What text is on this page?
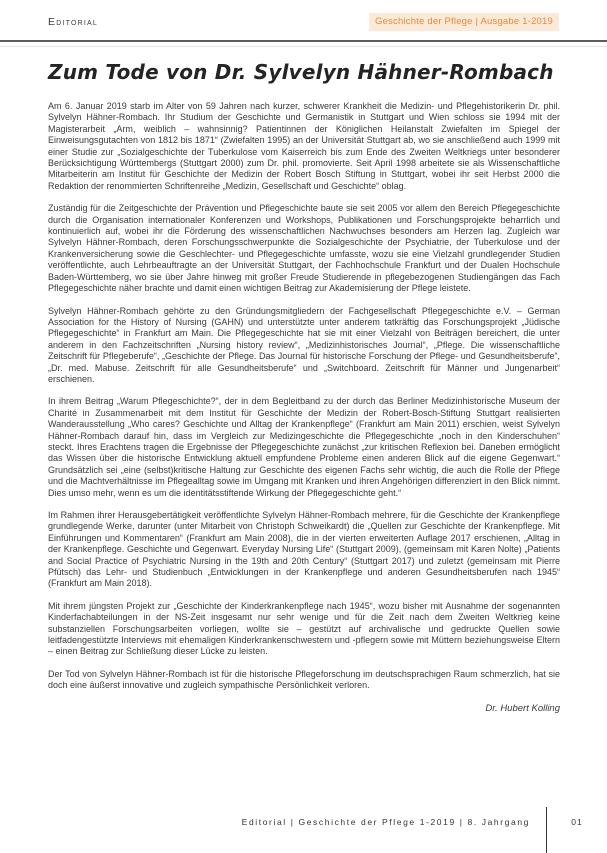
Editorial	Geschichte der Pflege | Ausgabe 1-2019
Zum Tode von Dr. Sylvelyn Hähner-Rombach

Am 6. Januar 2019 starb im Alter von 59 Jahren nach kurzer, schwerer Krankheit die Medizin- und Pflegehistorikerin Dr. phil. Sylvelyn Hähner-Rombach. Ihr Studium der Geschichte und Germanistik in Stuttgart und Wien schloss sie 1994 mit der Magisterarbeit „Arm, weiblich – wahnsinnig? Patientinnen der Königlichen Heilanstalt Zwiefalten im Spiegel der Einweisungsgutachten von 1812 bis 1871“ (Zwiefalten 1995) an der Universität Stuttgart ab, wo sie anschließend auch 1999 mit einer Studie zur „Sozialgeschichte der Tuberkulose vom Kaiserreich bis zum Ende des Zweiten Weltkriegs unter besonderer Berücksichtigung Württembergs (Stuttgart 2000) zum Dr. phil. promovierte. Seit April 1998 arbeitete sie als Wissenschaftliche Mitarbeiterin am Institut für Geschichte der Medizin der Robert Bosch Stiftung in Stuttgart, wobei ihr seit Herbst 2000 die Redaktion der renommierten Schriftenreihe „Medizin, Gesellschaft und Geschichte“ oblag.

Zuständig für die Zeitgeschichte der Prävention und Pflegeschichte baute sie seit 2005 vor allem den Bereich Pflegegeschichte durch die Organisation internationaler Konferenzen und Workshops, Publikationen und Forschungsprojekte beharrlich und kontinuierlich auf, wobei ihr die Förderung des wissenschaftlichen Nachwuchses besonders am Herzen lag. Zugleich war Sylvelyn Hähner-Rombach, deren Forschungsschwerpunkte die Sozialgeschichte der Psychiatrie, der Tuberkulose und der Krankenversicherung sowie die Geschlechter- und Pflegegeschichte umfasste, wozu sie eine Vielzahl grundlegender Studien veröffentlichte, auch Lehrbeauftragte an der Universität Stuttgart, der Fachhochschule Frankfurt und der Dualen Hochschule Baden-Württemberg, wo sie über Jahre hinweg mit großer Freude Studierende in pflegebezogenen Studiengängen das Fach Pflegegeschichte näher brachte und damit einen wichtigen Beitrag zur Akademisierung der Pflege leistete.

Sylvelyn Hähner-Rombach gehörte zu den Gründungsmitgliedern der Fachgesellschaft Pflegegeschichte e.V. – German Association for the History of Nursing (GAHN) und unterstützte unter anderem tatkräftig das Forschungsprojekt „Jüdische Pflegegeschichte“ in Frankfurt am Main. Die Pflegegeschichte hat sie mit einer Vielzahl von Beiträgen bereichert, die unter anderem in den Fachzeitschriften „Nursing history review“, „Medizinhistorisches Journal“, „Pflege. Die wissenschaftliche Zeitschrift für Pflegeberufe“, „Geschichte der Pflege. Das Journal für historische Forschung der Pflege- und Gesundheitsberufe“, „Dr. med. Mabuse. Zeitschrift für alle Gesundheitsberufe“ und „Switchboard. Zeitschrift für Männer und Jungenarbeit“ erschienen.

In ihrem Beitrag „Warum Pflegeschichte?“, der in dem Begleitband zu der durch das Berliner Medizinhistorische Museum der Charité in Zusammenarbeit mit dem Institut für Geschichte der Medizin der Robert-Bosch-Stiftung Stuttgart realisierten Wanderausstellung „Who cares? Geschichte und Alltag der Krankenpflege“ (Frankfurt am Main 2011) erschien, weist Sylvelyn Hähner-Rombach darauf hin, dass im Vergleich zur Medizingeschichte die Pflegegeschichte „noch in den Kinderschuhen“ steckt. Ihres Erachtens tragen die Ergebnisse der Pflegegeschichte zunächst „zur kritischen Reflexion bei. Daneben ermöglicht das Wissen über die historische Entwicklung aktuell empfundene Probleme einen anderen Blick auf die eigene Gegenwart.“ Grundsätzlich sei „eine (selbst)kritische Haltung zur Geschichte des eigenen Fachs sehr wichtig, die auch die Rolle der Pflege und die Machtverhältnisse im Pflegealltag sowie im Umgang mit Kranken und ihren Angehörigen differenziert in den Blick nimmt. Dies umso mehr, wenn es um die identitätsstiftende Wirkung der Pflegegeschichte geht.“

Im Rahmen ihrer Herausgebertätigkeit veröffentlichte Sylvelyn Hähner-Rombach mehrere, für die Geschichte der Krankenpflege grundlegende Werke, darunter (unter Mitarbeit von Christoph Schweikardt) die „Quellen zur Geschichte der Krankenpflege. Mit Einführungen und Kommentaren“ (Frankfurt am Main 2008), die in der vierten erweiterten Auflage 2017 erschienen, „Alltag in der Krankenpflege. Geschichte und Gegenwart. Everyday Nursing Life“ (Stuttgart 2009), (gemeinsam mit Karen Nolte) „Patients and Social Practice of Psychiatric Nursing in the 19th and 20th Century“ (Stuttgart 2017) und zuletzt (gemeinsam mit Pierre Pfütsch) das Lehr- und Studienbuch „Entwicklungen in der Krankenpflege und anderen Gesundheitsberufen nach 1945“ (Frankfurt am Main 2018).

Mit ihrem jüngsten Projekt zur „Geschichte der Kinderkrankenpflege nach 1945“, wozu bisher mit Ausnahme der sogenannten Kinderfachabteilungen in der NS-Zeit insgesamt nur sehr wenige und für die Zeit nach dem Zweiten Weltkrieg keine substanziellen Forschungsarbeiten vorliegen, wollte sie – gestützt auf archivalische und gedruckte Quellen sowie leitfadengestützte Interviews mit ehemaligen Kinderkrankenschwestern und -pflegern sowie mit Müttern beziehungsweise Eltern – einen Beitrag zur Schließung dieser Lücke zu leisten.

Der Tod von Sylvelyn Hähner-Rombach ist für die historische Pflegeforschung im deutschsprachigen Raum schmerzlich, hat sie doch eine äußerst innovative und zugleich sympathische Persönlichkeit verloren.

Dr. Hubert Kolling
Editorial | Geschichte der Pflege 1-2019 | 8. Jahrgang	01
